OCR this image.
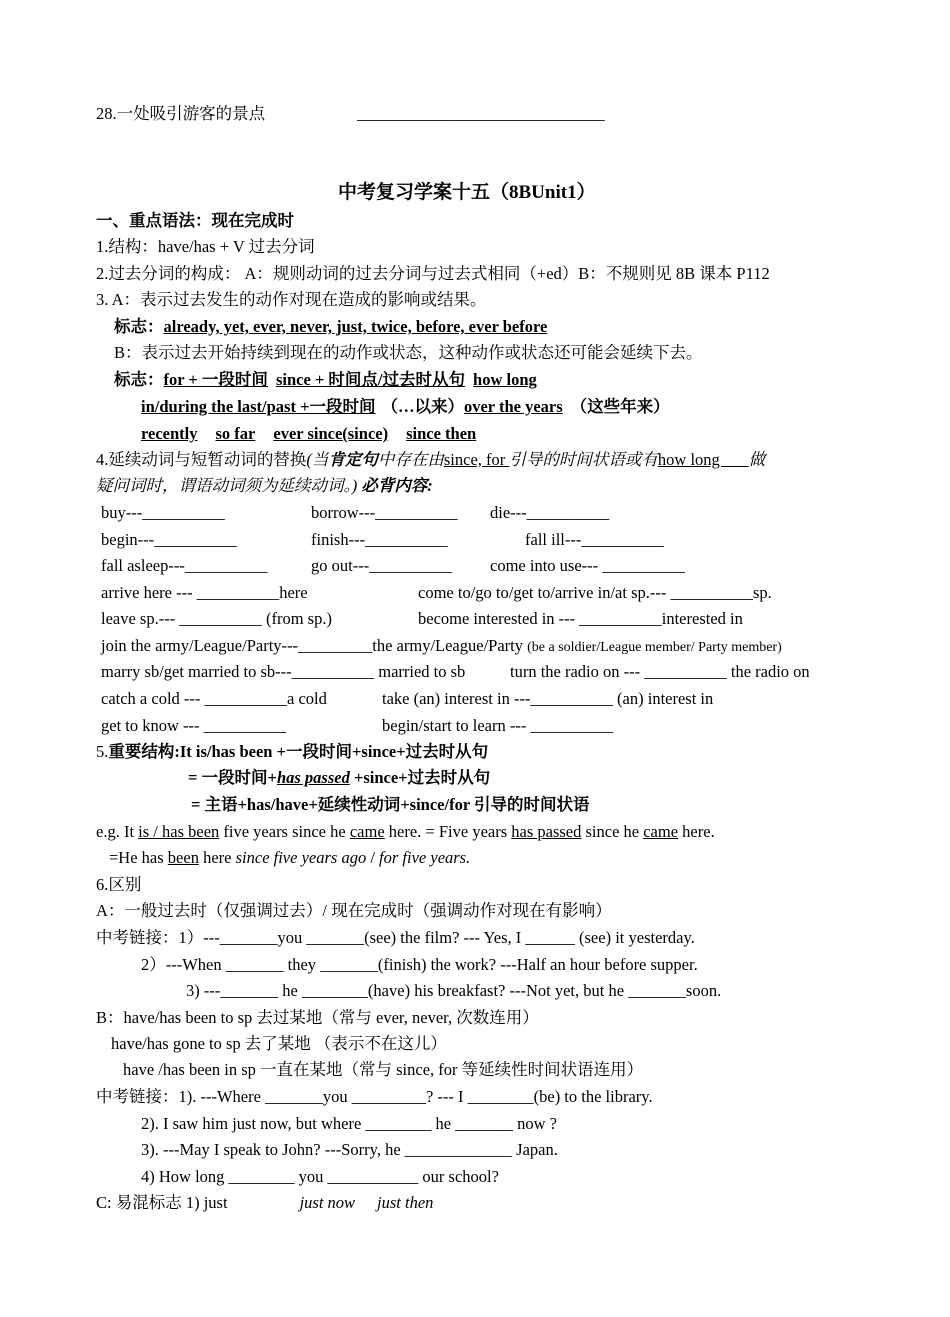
28.一处吸引游客的景点	______________________________
中考复习学案十五（8BUnit1）
一、重点语法：现在完成时
1.结构：have/has + V 过去分词
2.过去分词的构成： A：规则动词的过去分词与过去式相同（+ed）B：不规则见 8B 课本 P112
3. A：表示过去发生的动作对现在造成的影响或结果。
标志：already, yet, ever, never, just, twice, before, ever before
B：表示过去开始持续到现在的动作或状态，这种动作或状态还可能会延续下去。
标志：for + 一段时间 since + 时间点/过去时从句 how long
in/during the last/past +一段时间 （…以来）over the years （这些年来）
recently so far ever since(since) since then
4.延续动词与短暂动词的替换(当肯定句中存在由since, for 引导的时间状语或有how long       做
疑问词时，谓语动词须为延续动词。) 必背内容:
buy---__________	borrow---__________ die---__________
begin---__________	finish---__________	fall ill---__________
fall asleep---__________	go out---__________ come into use--- __________
arrive here --- __________here	come to/go to/get to/arrive in/at sp.--- __________sp.
leave sp.--- __________ (from sp.)	become interested in --- __________interested in
join the army/League/Party---_________the army/League/Party (be a soldier/League member/ Party member)
marry sb/get married to sb---__________ married to sb	turn the radio on --- __________ the radio on
catch a cold --- __________a cold	take (an) interest in ---__________ (an) interest in
get to know --- __________	begin/start to learn --- __________
5.重要结构:It is/has been +一段时间+since+过去时从句
= 一段时间+has passed +since+过去时从句
= 主语+has/have+延续性动词+since/for 引导的时间状语
e.g. It is / has been five years since he came here. = Five years has passed since he came here.
=He has been here since five years ago / for five years.
6.区别
A：一般过去时（仅强调过去）/ 现在完成时（强调动作对现在有影响）
中考链接：1）---_______you _______(see) the film? --- Yes, I ______ (see) it yesterday.
2）---When _______ they _______(finish) the work? ---Half an hour before supper.
3) ---_______ he ________(have) his breakfast? ---Not yet, but he _______soon.
B：have/has been to sp 去过某地（常与 ever, never, 次数连用）
have/has gone to sp 去了某地 （表示不在这儿）
have /has been in sp 一直在某地（常与 since, for 等延续性时间状语连用）
中考链接：1). ---Where _______you _________? --- I ________(be) to the library.
2). I saw him just now, but where ________ he _______ now ?
3). ---May I speak to John? ---Sorry, he _____________ Japan.
4) How long ________ you ___________ our school?
C: 易混标志 1) just	just now just then
